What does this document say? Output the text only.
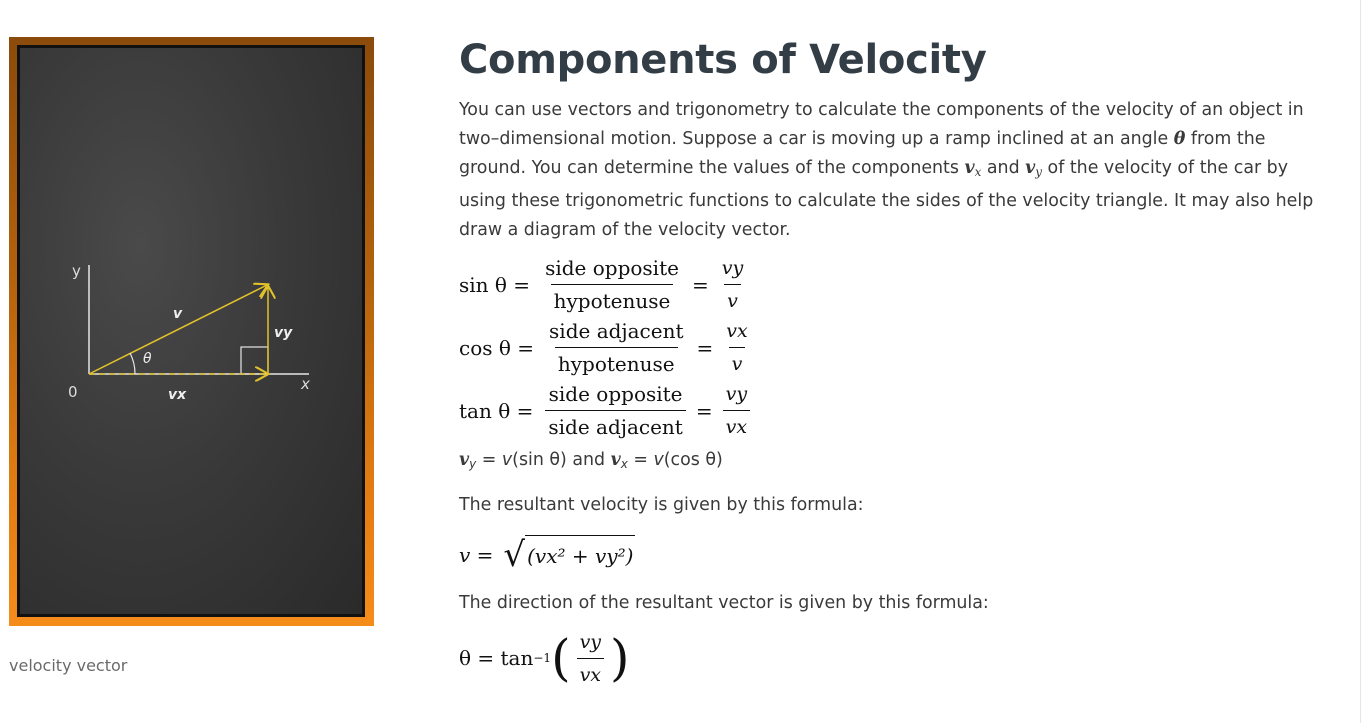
y
x
0
v
vy
vx
θ
velocity vector
Components of Velocity

You can use vectors and trigonometry to calculate the components of the velocity of an object in two–dimensional motion. Suppose a car is moving up a ramp inclined at an angle θ from the ground. You can determine the values of the components $v_x$ and $v_y$ of the velocity of the car by using these trigonometric functions to calculate the sides of the velocity triangle. It may also help draw a diagram of the velocity vector.

$\sin \theta = \frac{\text{side opposite}}{\text{hypotenuse}} = \frac{vy}{v}$
$\cos \theta = \frac{\text{side adjacent}}{\text{hypotenuse}} = \frac{vx}{v}$
$\tan \theta = \frac{\text{side opposite}}{\text{side adjacent}} = \frac{vy}{vx}$

$v_y = v(\sin$ θ) and $v_x = v(\cos$ θ)

The resultant velocity is given by this formula:

v = √ (vx² + vy²)

The direction of the resultant vector is given by this formula:

θ = tan −1 ( $\frac{vy}{vx}$ )
